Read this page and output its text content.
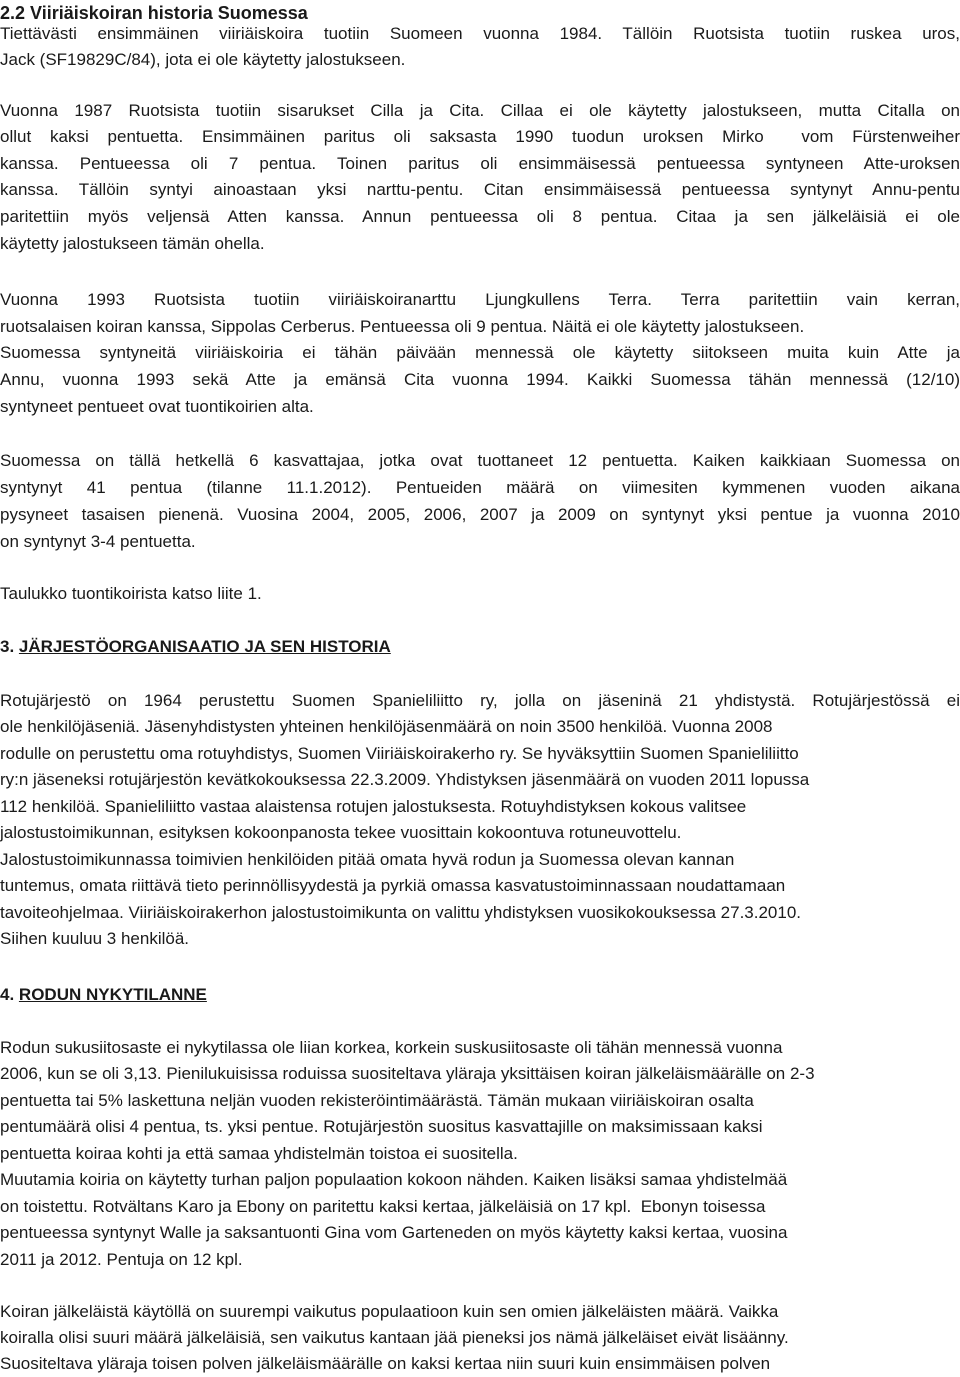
2.2 Viiriäiskoiran historia Suomessa
Tiettävästi ensimmäinen viiriäiskoira tuotiin Suomeen vuonna 1984. Tällöin Ruotsista tuotiin ruskea uros,
Jack (SF19829C/84), jota ei ole käytetty jalostukseen.
Vuonna 1987 Ruotsista tuotiin sisarukset Cilla ja Cita. Cillaa ei ole käytetty jalostukseen, mutta Citalla on
ollut kaksi pentuetta. Ensimmäinen paritus oli saksasta 1990 tuodun uroksen Mirko  vom Fürstenweiher
kanssa. Pentueessa oli 7 pentua. Toinen paritus oli ensimmäisessä pentueessa syntyneen Atte-uroksen
kanssa. Tällöin syntyi ainoastaan yksi narttu-pentu. Citan ensimmäisessä pentueessa syntynyt Annu-pentu
paritettiin myös veljensä Atten kanssa. Annun pentueessa oli 8 pentua. Citaa ja sen jälkeläisiä ei ole
käytetty jalostukseen tämän ohella.
Vuonna 1993 Ruotsista tuotiin viiriäiskoiranarttu Ljungkullens Terra. Terra paritettiin vain kerran,
ruotsalaisen koiran kanssa, Sippolas Cerberus. Pentueessa oli 9 pentua. Näitä ei ole käytetty jalostukseen.
Suomessa syntyneitä viiriäiskoiria ei tähän päivään mennessä ole käytetty siitokseen muita kuin Atte ja
Annu, vuonna 1993 sekä Atte ja emänsä Cita vuonna 1994. Kaikki Suomessa tähän mennessä (12/10)
syntyneet pentueet ovat tuontikoirien alta.
Suomessa on tällä hetkellä 6 kasvattajaa, jotka ovat tuottaneet 12 pentuetta. Kaiken kaikkiaan Suomessa on
syntynyt 41 pentua (tilanne 11.1.2012). Pentueiden määrä on viimesiten kymmenen vuoden aikana
pysyneet tasaisen pienenä. Vuosina 2004, 2005, 2006, 2007 ja 2009 on syntynyt yksi pentue ja vuonna 2010
on syntynyt 3-4 pentuetta.
Taulukko tuontikoirista katso liite 1.
3. JÄRJESTÖORGANISAATIO JA SEN HISTORIA
Rotujärjestö on 1964 perustettu Suomen Spanieliliitto ry, jolla on jäseninä 21 yhdistystä. Rotujärjestössä ei
ole henkilöjäseniä. Jäsenyhdistysten yhteinen henkilöjäsenmäärä on noin 3500 henkilöä. Vuonna 2008
rodulle on perustettu oma rotuyhdistys, Suomen Viiriäiskoirakerho ry. Se hyväksyttiin Suomen Spanieliliitto
ry:n jäseneksi rotujärjestön kevätkokouksessa 22.3.2009. Yhdistyksen jäsenmäärä on vuoden 2011 lopussa
112 henkilöä. Spanieliliitto vastaa alaistensa rotujen jalostuksesta. Rotuyhdistyksen kokous valitsee
jalostustoimikunnan, esityksen kokoonpanosta tekee vuosittain kokoontuva rotuneuvottelu.
Jalostustoimikunnassa toimivien henkilöiden pitää omata hyvä rodun ja Suomessa olevan kannan
tuntemus, omata riittävä tieto perinnöllisyydestä ja pyrkiä omassa kasvatustoiminnassaan noudattamaan
tavoiteohjelmaa. Viiriäiskoirakerhon jalostustoimikunta on valittu yhdistyksen vuosikokouksessa 27.3.2010.
Siihen kuuluu 3 henkilöä.
4. RODUN NYKYTILANNE
Rodun sukusiitosaste ei nykytilassa ole liian korkea, korkein suskusiitosaste oli tähän mennessä vuonna
2006, kun se oli 3,13. Pienilukuisissa roduissa suositeltava yläraja yksittäisen koiran jälkeläismäärälle on 2-3
pentuetta tai 5% laskettuna neljän vuoden rekisteröintimäärästä. Tämän mukaan viiriäiskoiran osalta
pentumäärä olisi 4 pentua, ts. yksi pentue. Rotujärjestön suositus kasvattajille on maksimissaan kaksi
pentuetta koiraa kohti ja että samaa yhdistelmän toistoa ei suositella.
Muutamia koiria on käytetty turhan paljon populaation kokoon nähden. Kaiken lisäksi samaa yhdistelmää
on toistettu. Rotvältans Karo ja Ebony on paritettu kaksi kertaa, jälkeläisiä on 17 kpl.  Ebonyn toisessa
pentueessa syntynyt Walle ja saksantuonti Gina vom Garteneden on myös käytetty kaksi kertaa, vuosina
2011 ja 2012. Pentuja on 12 kpl.
Koiran jälkeläistä käytöllä on suurempi vaikutus populaatioon kuin sen omien jälkeläisten määrä. Vaikka
koiralla olisi suuri määrä jälkeläisiä, sen vaikutus kantaan jää pieneksi jos nämä jälkeläiset eivät lisäänny.
Suositeltava yläraja toisen polven jälkeläismäärälle on kaksi kertaa niin suuri kuin ensimmäisen polven
